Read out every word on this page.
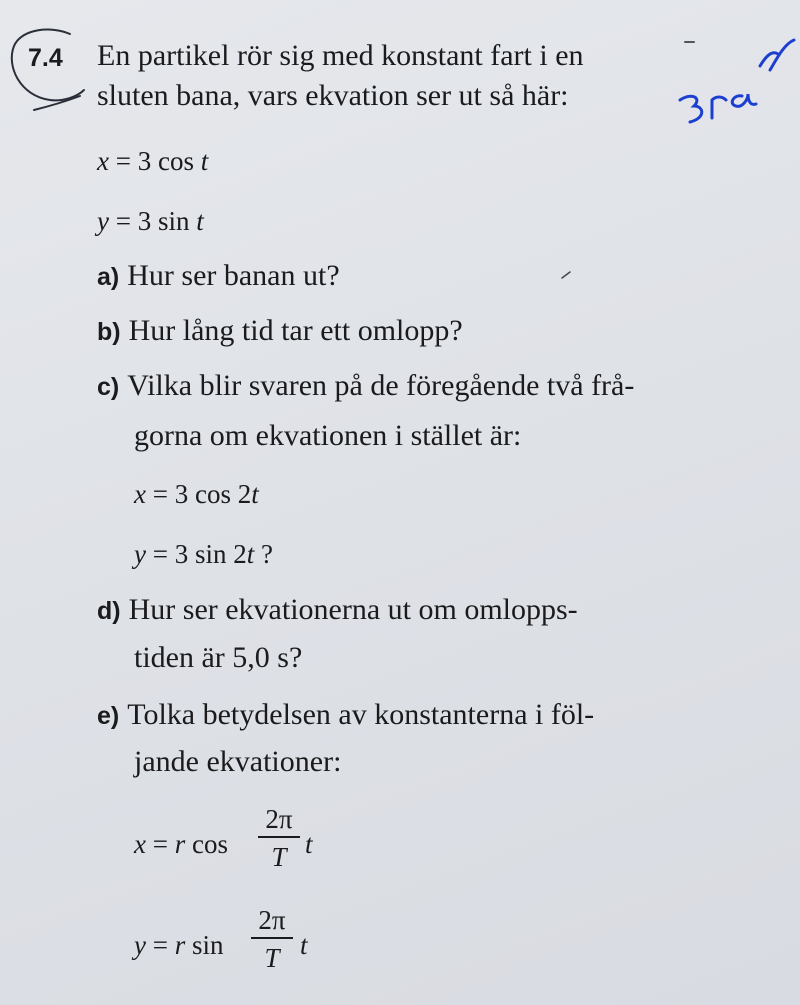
7.4 En partikel rör sig med konstant fart i en
sluten bana, vars ekvation ser ut så här:
x = 3 cos t
y = 3 sin t
a) Hur ser banan ut?
b) Hur lång tid tar ett omlopp?
c) Vilka blir svaren på de föregående två frå-
gorna om ekvationen i stället är:
x = 3 cos 2t
y = 3 sin 2t ?
d) Hur ser ekvationerna ut om omlopps-
tiden är 5,0 s?
e) Tolka betydelsen av konstanterna i föl-
jande ekvationer:
x = r cos
2π
T t
y = r sin
2π
T t
